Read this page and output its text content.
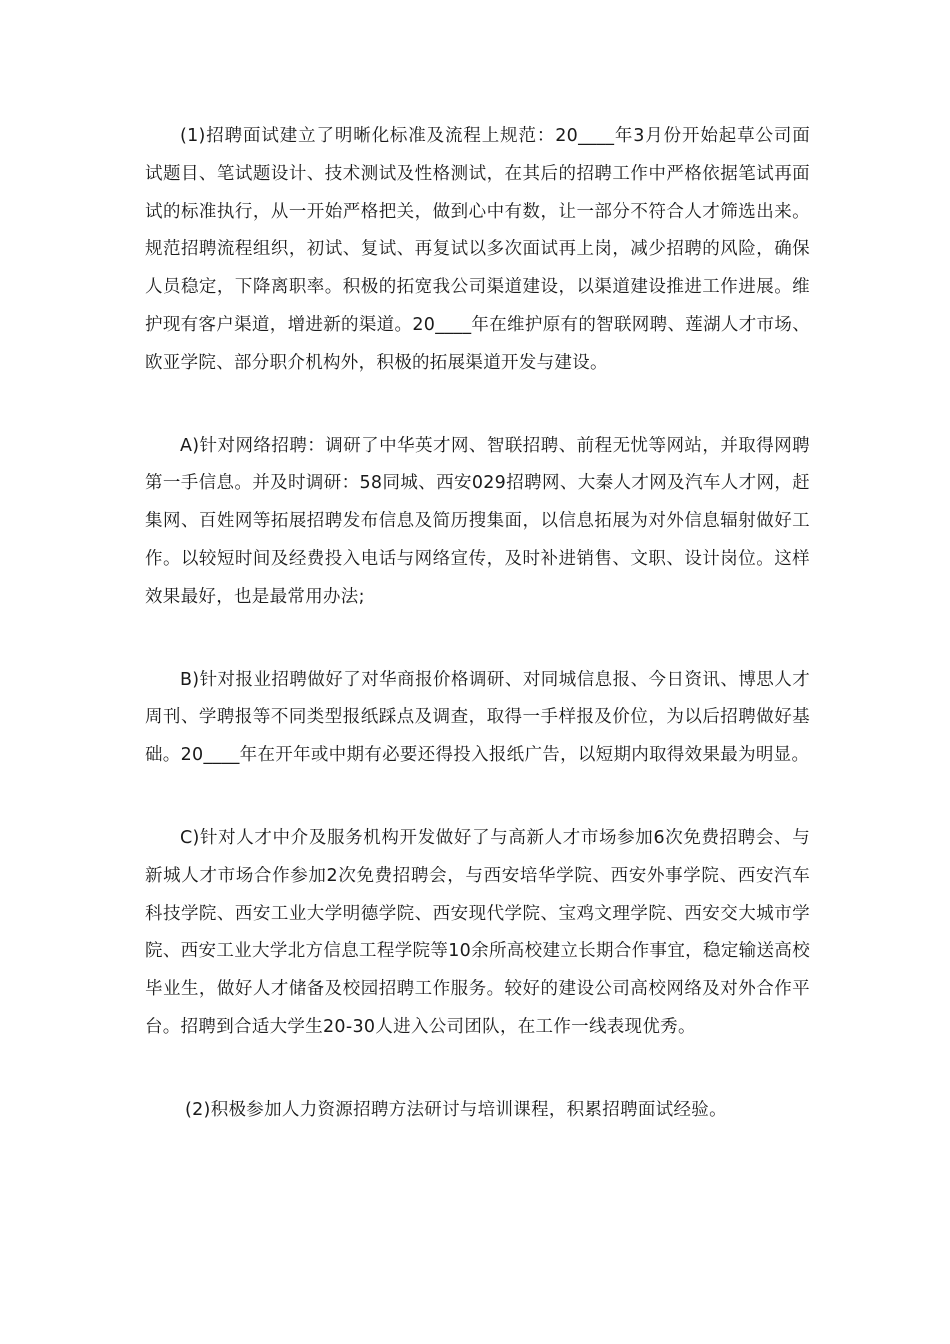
(1)招聘面试建立了明晰化标准及流程上规范：20____年3月份开始起草公司面试题目、笔试题设计、技术测试及性格测试，在其后的招聘工作中严格依据笔试再面试的标准执行，从一开始严格把关，做到心中有数，让一部分不符合人才筛选出来。规范招聘流程组织，初试、复试、再复试以多次面试再上岗，减少招聘的风险，确保人员稳定，下降离职率。积极的拓宽我公司渠道建设，以渠道建设推进工作进展。维护现有客户渠道，增进新的渠道。20____年在维护原有的智联网聘、莲湖人才市场、欧亚学院、部分职介机构外，积极的拓展渠道开发与建设。

A)针对网络招聘：调研了中华英才网、智联招聘、前程无忧等网站，并取得网聘第一手信息。并及时调研：58同城、西安029招聘网、大秦人才网及汽车人才网，赶集网、百姓网等拓展招聘发布信息及简历搜集面，以信息拓展为对外信息辐射做好工作。以较短时间及经费投入电话与网络宣传，及时补进销售、文职、设计岗位。这样效果最好，也是最常用办法;

B)针对报业招聘做好了对华商报价格调研、对同城信息报、今日资讯、博思人才周刊、学聘报等不同类型报纸踩点及调查，取得一手样报及价位，为以后招聘做好基础。20____年在开年或中期有必要还得投入报纸广告，以短期内取得效果最为明显。

C)针对人才中介及服务机构开发做好了与高新人才市场参加6次免费招聘会、与新城人才市场合作参加2次免费招聘会，与西安培华学院、西安外事学院、西安汽车科技学院、西安工业大学明德学院、西安现代学院、宝鸡文理学院、西安交大城市学院、西安工业大学北方信息工程学院等10余所高校建立长期合作事宜，稳定输送高校毕业生，做好人才储备及校园招聘工作服务。较好的建设公司高校网络及对外合作平台。招聘到合适大学生20-30人进入公司团队，在工作一线表现优秀。

(2)积极参加人力资源招聘方法研讨与培训课程，积累招聘面试经验。
